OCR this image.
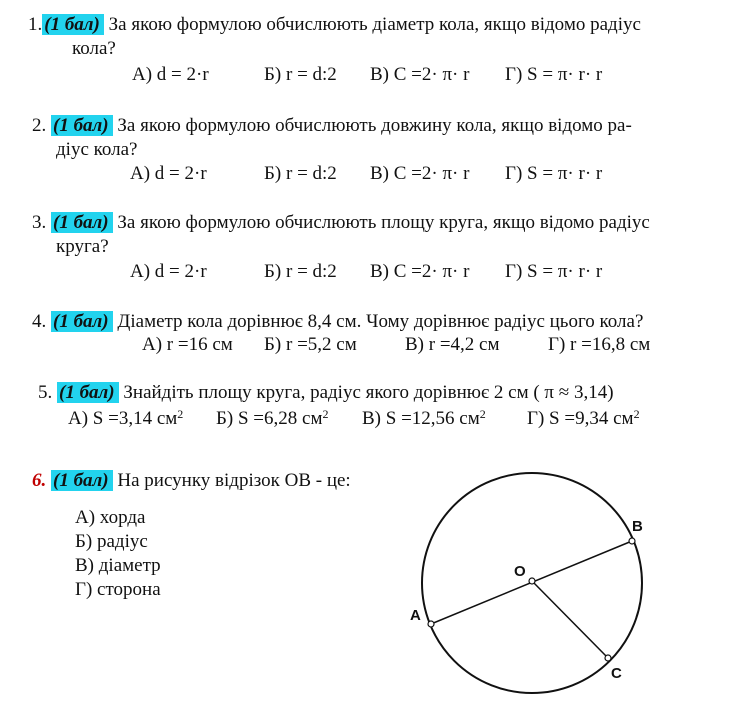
1. (1 бал) За якою формулою обчислюють діаметр кола, якщо відомо радіус
кола?
А) d = 2·r	Б) r = d:2 В) C =2· π· r Г) S = π· r· r
2. (1 бал) За якою формулою обчислюють довжину кола, якщо відомо ра-
діус кола?
А) d = 2·r	Б) r = d:2 В) C =2· π· r Г) S = π· r· r
3. (1 бал) За якою формулою обчислюють площу круга, якщо відомо радіус
круга?
А) d = 2·r	Б) r = d:2 В) C =2· π· r Г) S = π· r· r
4. (1 бал) Діаметр кола дорівнює 8,4 см. Чому дорівнює радіус цього кола?
А) r =16 см Б) r =5,2 см	В) r =4,2 см	Г) r =16,8 см
5. (1 бал) Знайдіть площу круга, радіус якого дорівнює 2 см ( π ≈ 3,14)
А) S =3,14 $см^2$ Б) S =6,28 $см^2$ В) S =12,56 $см^2$ Г) S =9,34 $см^2$
6. (1 бал) На рисунку відрізок ОВ - це:
А) хорда
Б) радіус
В) діаметр
Г) сторона
A
B
O
C
